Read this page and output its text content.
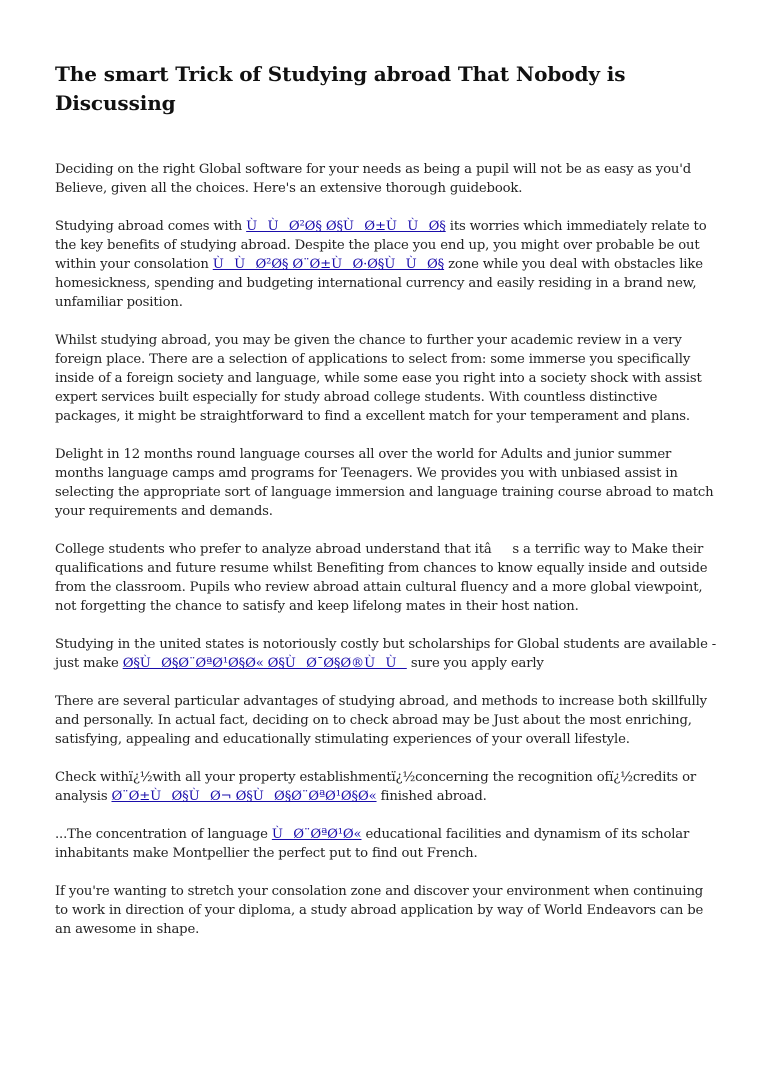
The smart Trick of Studying abroad That Nobody is Discussing

Deciding on the right Global software for your needs as being a pupil will not be as easy as you'd Believe, given all the choices. Here's an extensive thorough guidebook.

Studying abroad comes with ÙÙØ²Ø§ Ø§ÙØ±ÙÙØ§ its worries which immediately relate to the key benefits of studying abroad. Despite the place you end up, you might over probable be out within your consolation ÙÙØ²Ø§ Ø¨Ø±ÙØ·Ø§ÙÙØ§ zone while you deal with obstacles like homesickness, spending and budgeting international currency and easily residing in a brand new, unfamiliar position.

Whilst studying abroad, you may be given the chance to further your academic review in a very foreign place. There are a selection of applications to select from: some immerse you specifically inside of a foreign society and language, while some ease you right into a society shock with assist expert services built especially for study abroad college students. With countless distinctive packages, it might be straightforward to find a excellent match for your temperament and plans.

Delight in 12 months round language courses all over the world for Adults and junior summer months language camps amd programs for Teenagers. We provides you with unbiased assist in selecting the appropriate sort of language immersion and language training course abroad to match your requirements and demands.

College students who prefer to analyze abroad understand that itâs a terrific way to Make their qualifications and future resume whilst Benefiting from chances to know equally inside and outside from the classroom. Pupils who review abroad attain cultural fluency and a more global viewpoint, not forgetting the chance to satisfy and keep lifelong mates in their host nation.

Studying in the united states is notoriously costly but scholarships for Global students are available - just make Ø§ÙØ§Ø¨ØªØ¹Ø§Ø« Ø§ÙØ¯Ø§Ø®ÙÙ sure you apply early

There are several particular advantages of studying abroad, and methods to increase both skillfully and personally. In actual fact, deciding on to check abroad may be Just about the most enriching, satisfying, appealing and educationally stimulating experiences of your overall lifestyle.

Check withï¿½with all your property establishmentï¿½concerning the recognition ofï¿½credits or analysis Ø¨Ø±ÙØ§ÙØ¬ Ø§ÙØ§Ø¨ØªØ¹Ø§Ø« finished abroad.

...The concentration of language ÙØ¨ØªØ¹Ø« educational facilities and dynamism of its scholar inhabitants make Montpellier the perfect put to find out French.

If you're wanting to stretch your consolation zone and discover your environment when continuing to work in direction of your diploma, a study abroad application by way of World Endeavors can be an awesome in shape.
